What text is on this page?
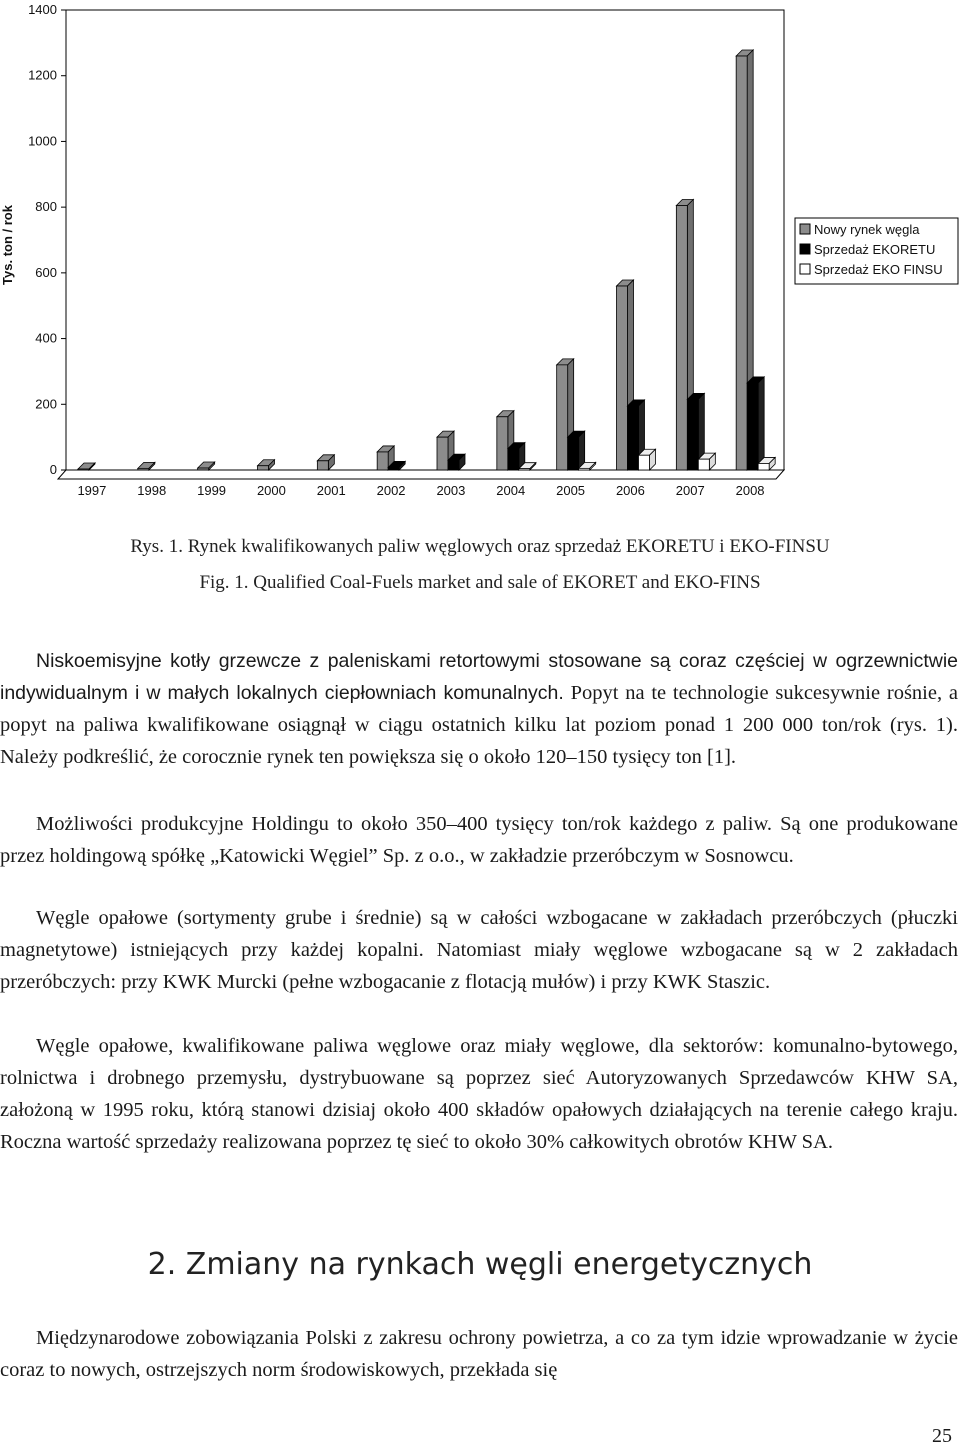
0
200
400
600
800
1000
1200
1400
1997 1998 1999 2000 2001 2002 2003 2004 2005 2006 2007 2008
Tys. ton / rok	Nowy rynek węgla
Sprzedaż EKORETU
Sprzedaż EKO FINSU
Rys. 1. Rynek kwalifikowanych paliw węglowych oraz sprzedaż EKORETU i EKO-FINSU
Fig. 1. Qualified Coal-Fuels market and sale of EKORET and EKO-FINS

Niskoemisyjne kotły grzewcze z paleniskami retortowymi stosowane są coraz częściej w ogrzewnictwie indywidualnym i w małych lokalnych ciepłowniach komunalnych. Popyt na te technologie sukcesywnie rośnie, a popyt na paliwa kwalifikowane osiągnął w ciągu ostatnich kilku lat poziom ponad 1 200 000 ton/rok (rys. 1). Należy podkreślić, że corocznie rynek ten powiększa się o około 120–150 tysięcy ton [1].

Możliwości produkcyjne Holdingu to około 350–400 tysięcy ton/rok każdego z paliw. Są one produkowane przez holdingową spółkę „Katowicki Węgiel” Sp. z o.o., w zakładzie przeróbczym w Sosnowcu.

Węgle opałowe (sortymenty grube i średnie) są w całości wzbogacane w zakładach przeróbczych (płuczki magnetytowe) istniejących przy każdej kopalni. Natomiast miały węglowe wzbogacane są w 2 zakładach przeróbczych: przy KWK Murcki (pełne wzbogacanie z flotacją mułów) i przy KWK Staszic.

Węgle opałowe, kwalifikowane paliwa węglowe oraz miały węglowe, dla sektorów: komunalno-bytowego, rolnictwa i drobnego przemysłu, dystrybuowane są poprzez sieć Autoryzowanych Sprzedawców KHW SA, założoną w 1995 roku, którą stanowi dzisiaj około 400 składów opałowych działających na terenie całego kraju. Roczna wartość sprzedaży realizowana poprzez tę sieć to około 30% całkowitych obrotów KHW SA.

2. Zmiany na rynkach węgli energetycznych

Międzynarodowe zobowiązania Polski z zakresu ochrony powietrza, a co za tym idzie wprowadzanie w życie coraz to nowych, ostrzejszych norm środowiskowych, przekłada się

25
